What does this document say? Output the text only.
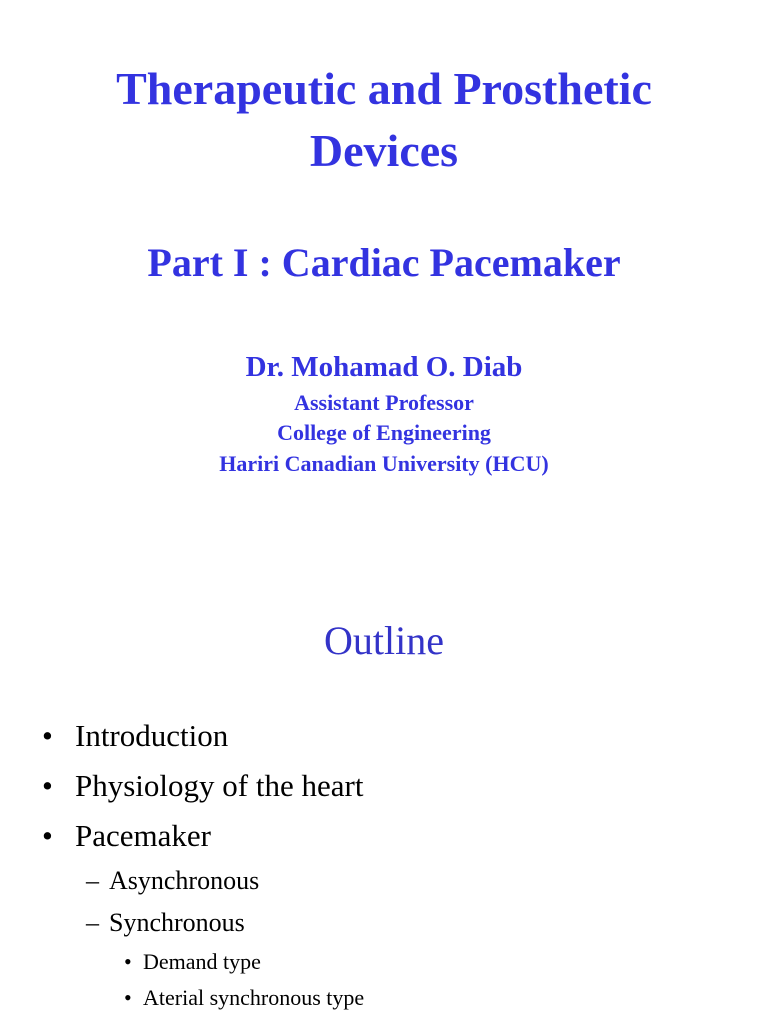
Therapeutic and Prosthetic
Devices
Part I : Cardiac Pacemaker
Dr. Mohamad O. Diab
Assistant Professor
College of Engineering
Hariri Canadian University (HCU)
Outline
• Introduction
• Physiology of the heart
• Pacemaker
– Asynchronous
– Synchronous
• Demand type
• Aterial synchronous type
